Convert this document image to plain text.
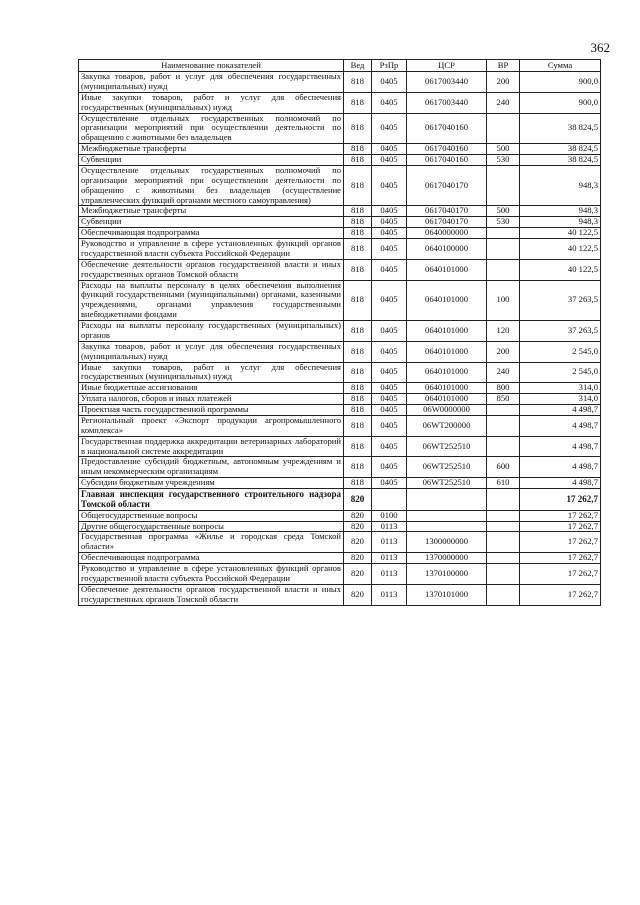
362
Наименование показателей	Вед	РзПр	ЦСР	ВР	Сумма
Закупка товаров, работ и услуг для обеспечения государственных (муниципальных) нужд	818	0405	0617003440	200	900,0
Иные закупки товаров, работ и услуг для обеспечения государственных (муниципальных) нужд	818	0405	0617003440	240	900,0
Осуществление отдельных государственных полномочий по организации мероприятий при осуществлении деятельности по обращению с животными без владельцев	818	0405	0617040160		38 824,5
Межбюджетные трансферты	818	0405	0617040160	500	38 824,5
Субвенции	818	0405	0617040160	530	38 824,5
Осуществление отдельных государственных полномочий по организации мероприятий при осуществлении деятельности по обращению с животными без владельцев (осуществление управленческих функций органами местного самоуправления)	818	0405	0617040170		948,3
Межбюджетные трансферты	818	0405	0617040170	500	948,3
Субвенции	818	0405	0617040170	530	948,3
Обеспечивающая подпрограмма	818	0405	0640000000		40 122,5
Руководство и управление в сфере установленных функций органов государственной власти субъекта Российской Федерации	818	0405	0640100000		40 122,5
Обеспечение деятельности органов государственной власти и иных государственных органов Томской области	818	0405	0640101000		40 122,5
Расходы на выплаты персоналу в целях обеспечения выполнения функций государственными (муниципальными) органами, казенными учреждениями, органами управления государственными внебюджетными фондами	818	0405	0640101000	100	37 263,5
Расходы на выплаты персоналу государственных (муниципальных) органов	818	0405	0640101000	120	37 263,5
Закупка товаров, работ и услуг для обеспечения государственных (муниципальных) нужд	818	0405	0640101000	200	2 545,0
Иные закупки товаров, работ и услуг для обеспечения государственных (муниципальных) нужд	818	0405	0640101000	240	2 545,0
Иные бюджетные ассигнования	818	0405	0640101000	800	314,0
Уплата налогов, сборов и иных платежей	818	0405	0640101000	850	314,0
Проектная часть государственной программы	818	0405	06W0000000		4 498,7
Региональный проект «Экспорт продукции агропромышленного комплекса»	818	0405	06WT200000		4 498,7
Государственная поддержка аккредитации ветеринарных лабораторий в национальной системе аккредитации	818	0405	06WT252510		4 498,7
Предоставление субсидий бюджетным, автономным учреждениям и иным некоммерческим организациям	818	0405	06WT252510	600	4 498,7
Субсидии бюджетным учреждениям	818	0405	06WT252510	610	4 498,7
Главная инспекция государственного строительного надзора Томской области	820				17 262,7
Общегосударственные вопросы	820	0100			17 262,7
Другие общегосударственные вопросы	820	0113			17 262,7
Государственная программа «Жилье и городская среда Томской области»	820	0113	1300000000		17 262,7
Обеспечивающая подпрограмма	820	0113	1370000000		17 262,7
Руководство и управление в сфере установленных функций органов государственной власти субъекта Российской Федерации	820	0113	1370100000		17 262,7
Обеспечение деятельности органов государственной власти и иных государственных органов Томской области	820	0113	1370101000		17 262,7
